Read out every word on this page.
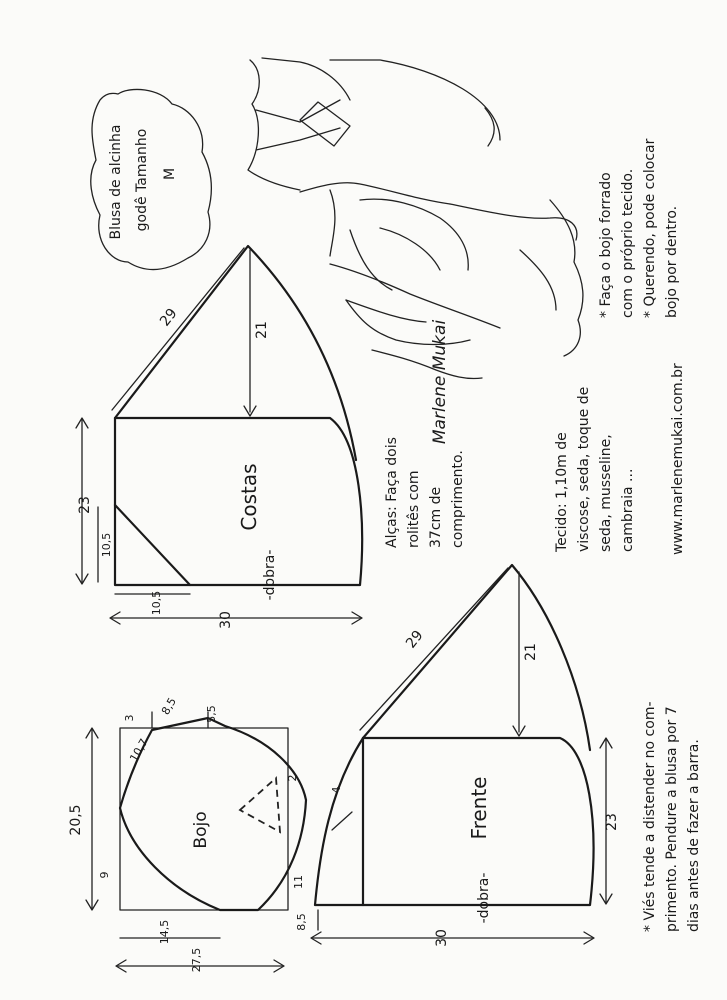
23
30
29
21
10,5
10,5
Costas
-dobra-
23
30
29
21
4
8,5
Frente
-dobra-
20,5
9	11
14,5
27,5
3
8,5 5,5
10,7
2
Bojo
Blusa de alcinha godê Tamanho M
Marlene Mukai
Alças: Faça dois rolitês com 37cm de comprimento.	Tecido: 1,10m de viscose, seda, toque de seda, musseline, cambraia ... www.marlenemukai.com.br
* Faça o bojo forrado com o próprio tecido. * Querendo, pode colocar bojo por dentro.
* Viés tende a distender no com- primento. Pendure a blusa por 7 dias antes de fazer a barra.
